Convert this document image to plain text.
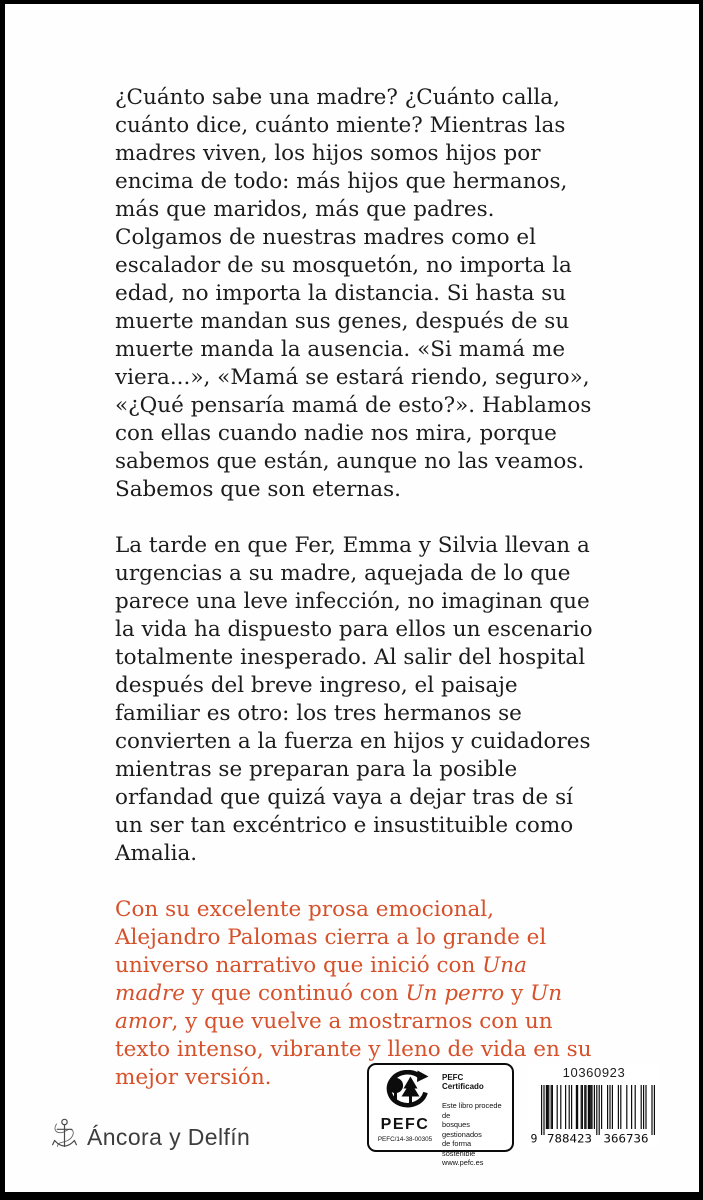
¿Cuánto sabe una madre? ¿Cuánto calla, cuánto dice, cuánto miente? Mientras las madres viven, los hijos somos hijos por encima de todo: más hijos que hermanos, más que maridos, más que padres. Colgamos de nuestras madres como el escalador de su mosquetón, no importa la edad, no importa la distancia. Si hasta su muerte mandan sus genes, después de su muerte manda la ausencia. «Si mamá me viera...», «Mamá se estará riendo, seguro», «¿Qué pensaría mamá de esto?». Hablamos con ellas cuando nadie nos mira, porque sabemos que están, aunque no las veamos. Sabemos que son eternas.

La tarde en que Fer, Emma y Silvia llevan a urgencias a su madre, aquejada de lo que parece una leve infección, no imaginan que la vida ha dispuesto para ellos un escenario totalmente inesperado. Al salir del hospital después del breve ingreso, el paisaje familiar es otro: los tres hermanos se convierten a la fuerza en hijos y cuidadores mientras se preparan para la posible orfandad que quizá vaya a dejar tras de sí un ser tan excéntrico e insustituible como Amalia.

Con su excelente prosa emocional, Alejandro Palomas cierra a lo grande el universo narrativo que inició con Una madre y que continuó con Un perro y Un amor, y que vuelve a mostrarnos con un texto intenso, vibrante y lleno de vida en su mejor versión.

Áncora y Delfín	PEFC
PEFC/14-38-00305
PEFC Certificado
Este libro procede de
bosques gestionados
de forma sostenible
www.pefc.es
10360923
9 788423 366736
